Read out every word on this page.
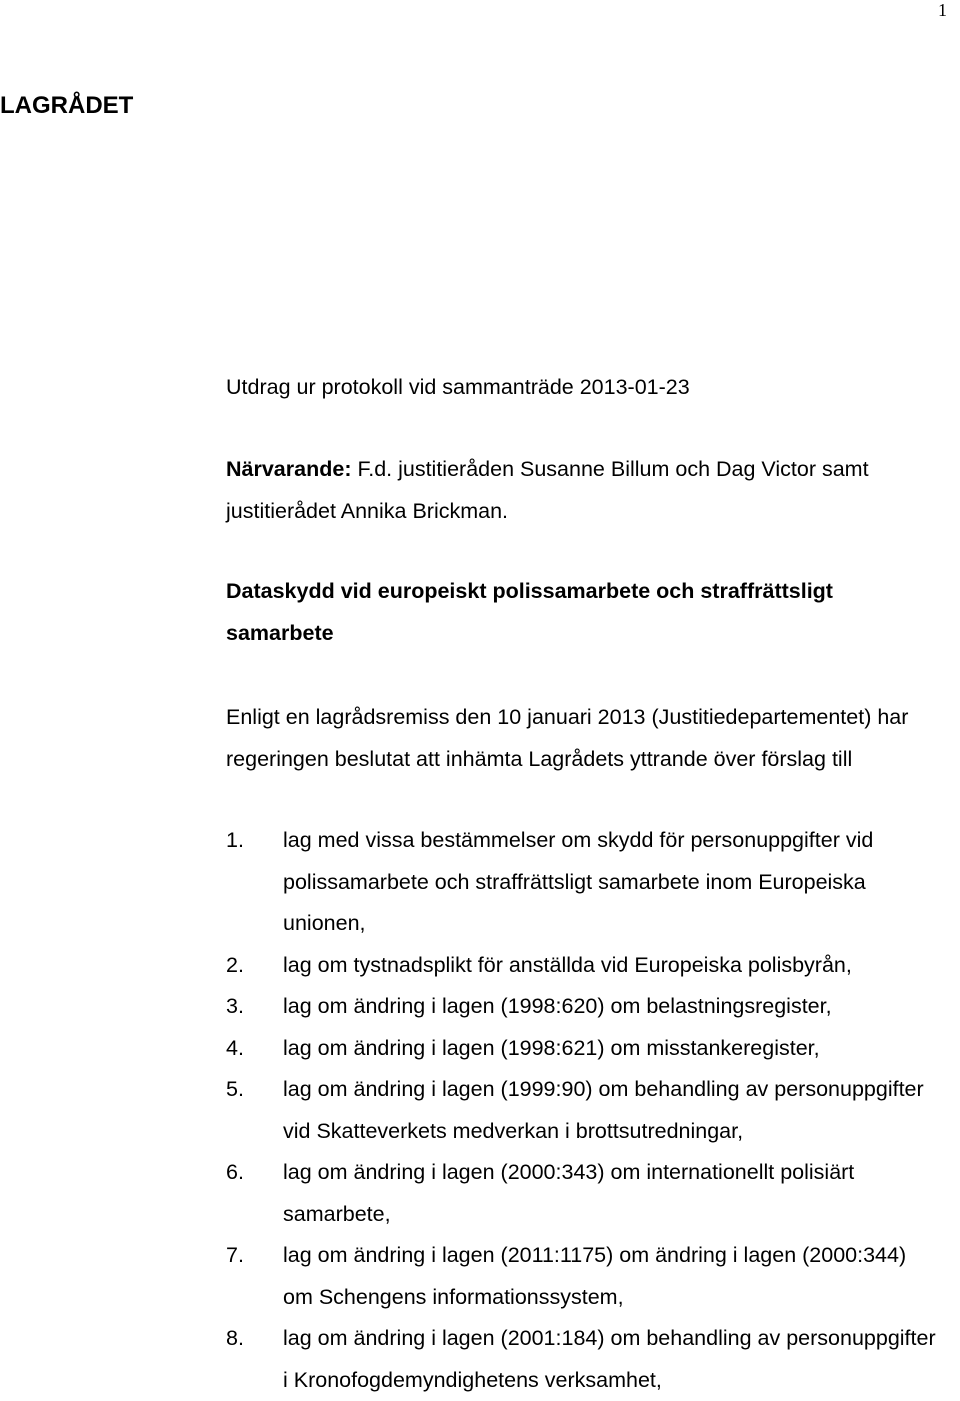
1
LAGRÅDET
Utdrag ur protokoll vid sammanträde 2013-01-23
Närvarande: F.d. justitieråden Susanne Billum och Dag Victor samt justitierådet Annika Brickman.
Dataskydd vid europeiskt polissamarbete och straffrättsligt samarbete
Enligt en lagrådsremiss den 10 januari 2013 (Justitiedepartementet) har regeringen beslutat att inhämta Lagrådets yttrande över förslag till
1.	lag med vissa bestämmelser om skydd för personuppgifter vid polissamarbete och straffrättsligt samarbete inom Europeiska unionen,
2.	lag om tystnadsplikt för anställda vid Europeiska polisbyrån,
3.	lag om ändring i lagen (1998:620) om belastningsregister,
4.	lag om ändring i lagen (1998:621) om misstankeregister,
5.	lag om ändring i lagen (1999:90) om behandling av personuppgifter vid Skatteverkets medverkan i brottsutredningar,
6.	lag om ändring i lagen (2000:343) om internationellt polisiärt samarbete,
7.	lag om ändring i lagen (2011:1175) om ändring i lagen (2000:344) om Schengens informationssystem,
8.	lag om ändring i lagen (2001:184) om behandling av personuppgifter i Kronofogdemyndighetens verksamhet,
